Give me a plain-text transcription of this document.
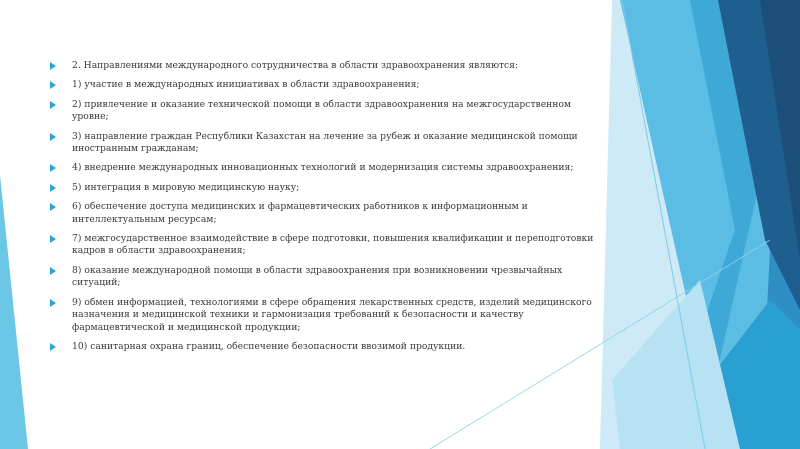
2. Направлениями международного сотрудничества в области здравоохранения являются:
1) участие в международных инициативах в области здравоохранения;
2) привлечение и оказание технической помощи в области здравоохранения на межгосударственном уровне;
3) направление граждан Республики Казахстан на лечение за рубеж и оказание медицинской помощи иностранным гражданам;
4) внедрение международных инновационных технологий и модернизация системы здравоохранения;
5) интеграция в мировую медицинскую науку;
6) обеспечение доступа медицинских и фармацевтических работников к информационным и интеллектуальным ресурсам;
7) межгосударственное взаимодействие в сфере подготовки, повышения квалификации и переподготовки кадров в области здравоохранения;
8) оказание международной помощи в области здравоохранения при возникновении чрезвычайных ситуаций;
9) обмен информацией, технологиями в сфере обращения лекарственных средств, изделий медицинского назначения и медицинской техники и гармонизация требований к безопасности и качеству фармацевтической и медицинской продукции;
10) санитарная охрана границ, обеспечение безопасности ввозимой продукции.
